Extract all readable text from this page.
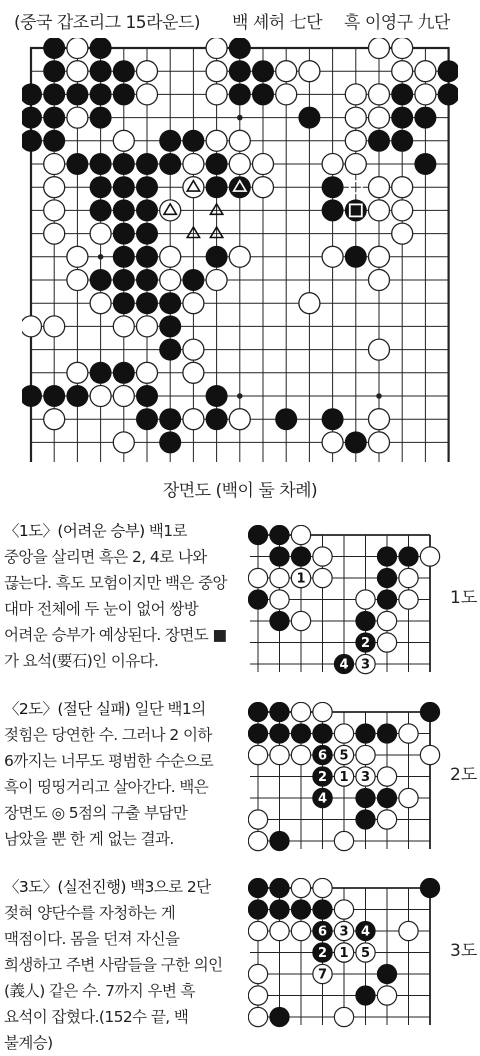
(중국 갑조리그 15라운드) 백 셰허 七단 흑 이영구 九단
장면도 (백이 둘 차례)
〈1도〉(어려운 승부) 백1로 중앙을 살리면 흑은 2, 4로 나와 끊는다. 흑도 모험이지만 백은 중앙 대마 전체에 두 눈이 없어 쌍방 어려운 승부가 예상된다. 장면도 ■가 요석(要石)인 이유다.
1
2
4 3
1도
〈2도〉(절단 실패) 일단 백1의 젖힘은 당연한 수. 그러나 2 이하 6까지는 너무도 평범한 수순으로 흑이 띵띵거리고 살아간다. 백은 장면도 ◎ 5점의 구출 부담만 남았을 뿐 한 게 없는 결과.
6 5
2 1 3
4
2도
〈3도〉(실전진행) 백3으로 2단 젖혀 양단수를 자청하는 게 맥점이다. 몸을 던져 자신을 희생하고 주변 사람들을 구한 의인(義人) 같은 수. 7까지 우변 흑 요석이 잡혔다.(152수 끝, 백 불계승)
6 3 4
2 1 5
7
3도
